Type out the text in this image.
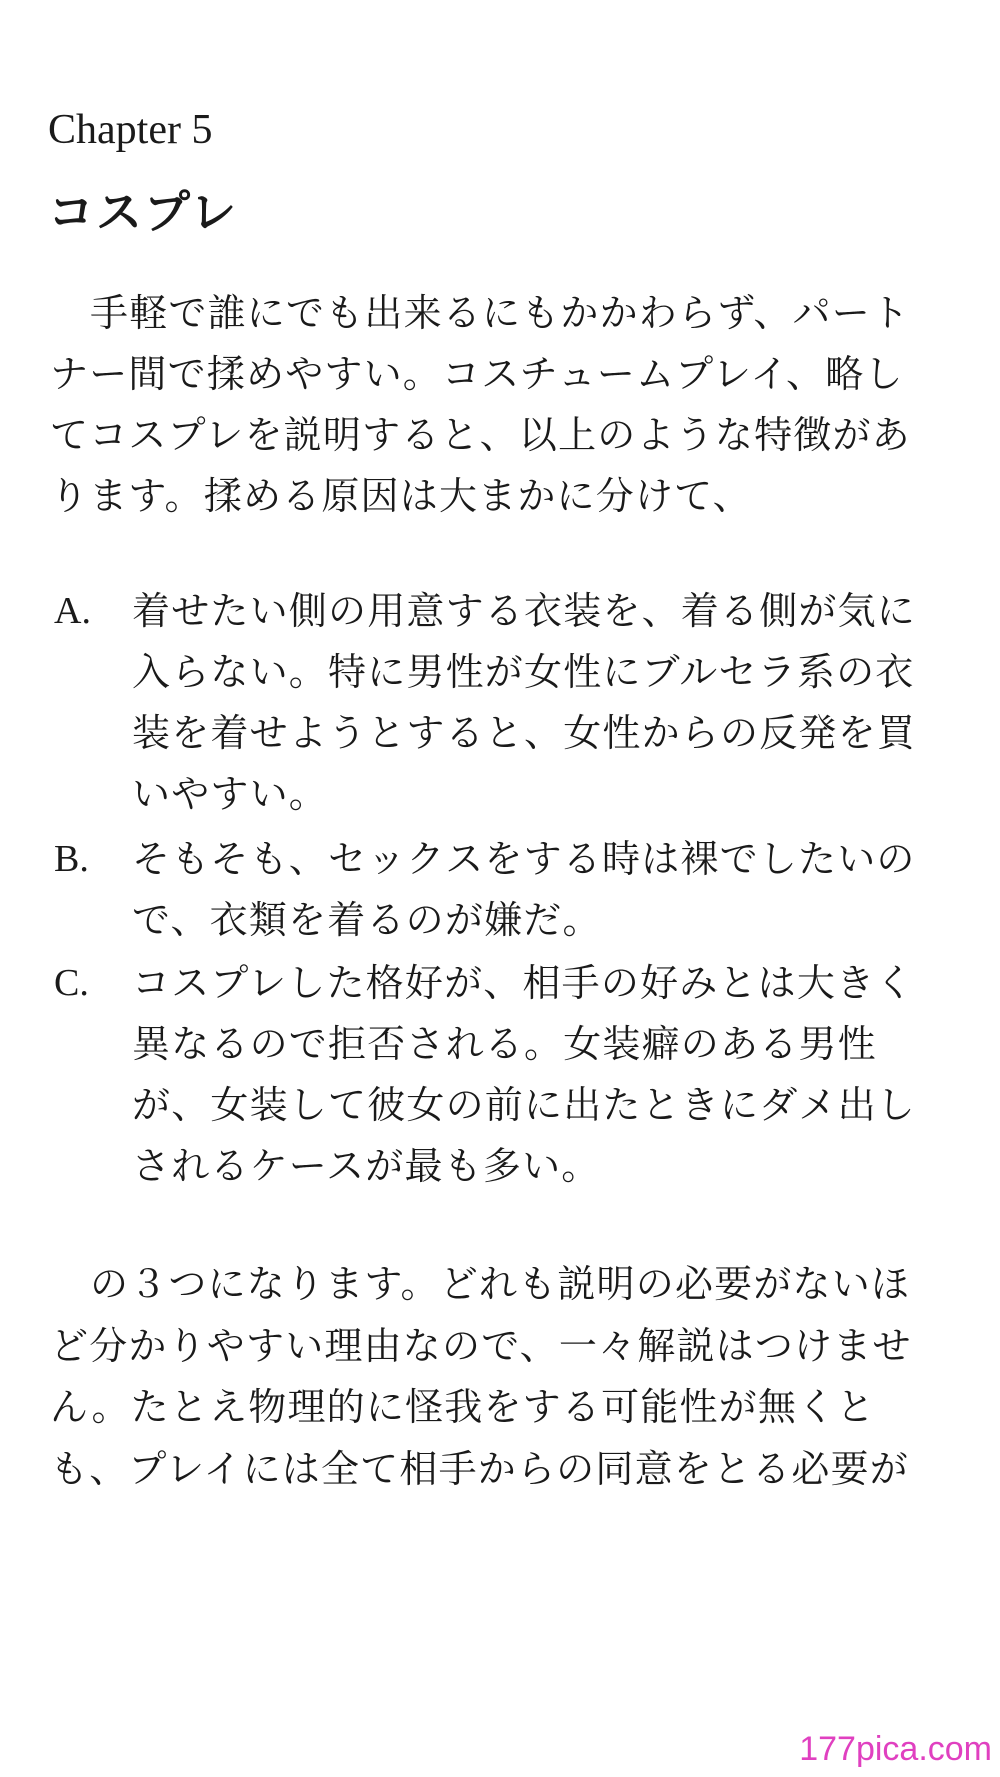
Chapter 5
コスプレ

手軽で誰にでも出来るにもかかわらず、パート

ナー間で揉めやすい。コスチュームプレイ、略し

てコスプレを説明すると、以上のような特徴があ

ります。揉める原因は大まかに分けて、

A. 着せたい側の用意する衣装を、着る側が気に
入らない。特に男性が女性にブルセラ系の衣
装を着せようとすると、女性からの反発を買
いやすい。
B. そもそも、セックスをする時は裸でしたいの
で、衣類を着るのが嫌だ。
C. コスプレした格好が、相手の好みとは大きく
異なるので拒否される。女装癖のある男性
が、女装して彼女の前に出たときにダメ出し
されるケースが最も多い。

の３つになります。どれも説明の必要がないほ

ど分かりやすい理由なので、一々解説はつけませ

ん。たとえ物理的に怪我をする可能性が無くと

も、プレイには全て相手からの同意をとる必要が

177pica.com
